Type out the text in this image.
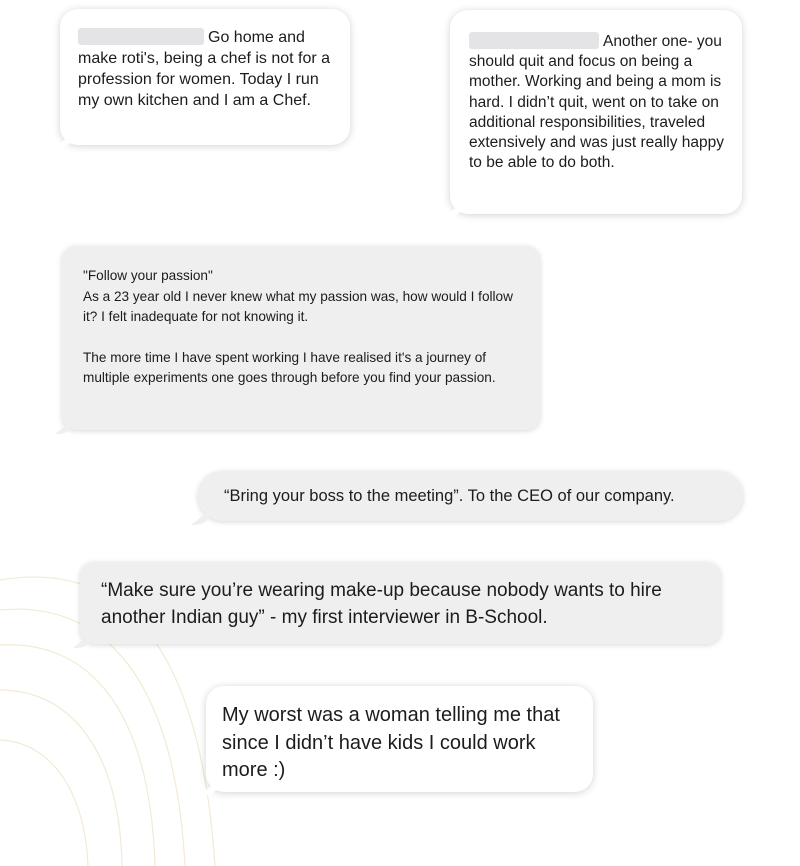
Go home and make roti's, being a chef is not for a profession for women. Today I run my own kitchen and I am a Chef.

Another one- you should quit and focus on being a mother. Working and being a mom is hard. I didn’t quit, went on to take on additional responsibilities, traveled extensively and was just really happy to be able to do both.

"Follow your passion"

As a 23 year old I never knew what my passion was, how would I follow it? I felt inadequate for not knowing it.

The more time I have spent working I have realised it's a journey of multiple experiments one goes through before you find your passion.

“Bring your boss to the meeting”. To the CEO of our company.

“Make sure you’re wearing make-up because nobody wants to hire another Indian guy” - my first interviewer in B-School.

My worst was a woman telling me that since I didn’t have kids I could work more :)
